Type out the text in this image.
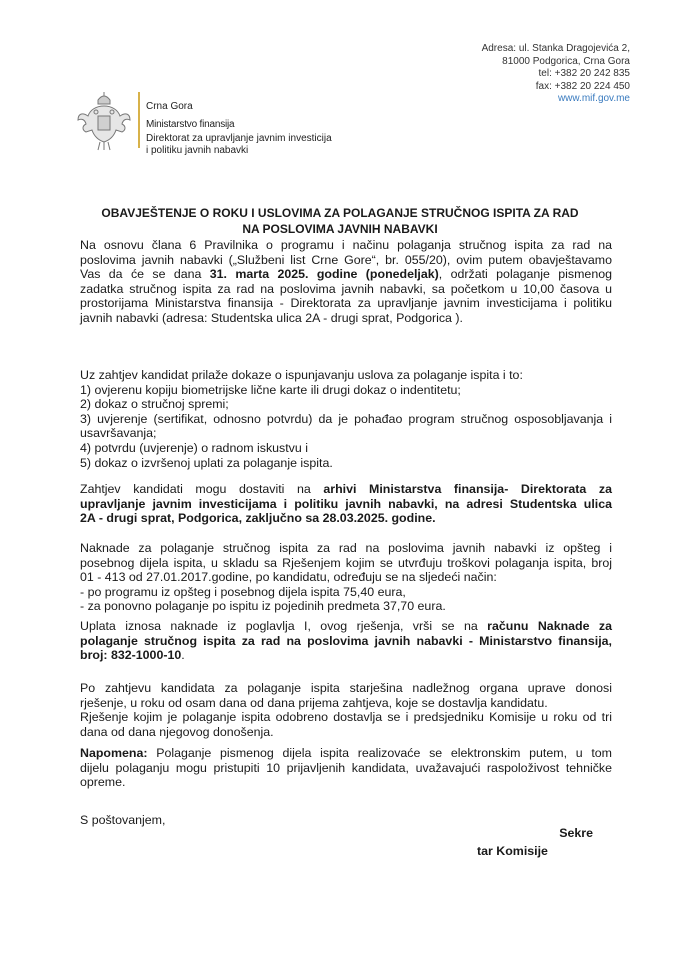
Adresa: ul. Stanka Dragojevića 2,
81000 Podgorica, Crna Gora
tel: +382 20 242 835
fax: +382 20 224 450
www.mif.gov.me
Crna Gora
Ministarstvo finansija
Direktorat za upravljanje javnim investicija
i politiku javnih nabavki
OBAVJEŠTENJE O ROKU I USLOVIMA ZA POLAGANJE STRUČNOG ISPITA ZA RAD
NA POSLOVIMA JAVNIH NABAVKI
Na osnovu člana 6 Pravilnika o programu i načinu polaganja stručnog ispita za rad na
poslovima javnih nabavki („Službeni list Crne Gore“, br. 055/20), ovim putem obavještavamo
Vas da će se dana 31. marta 2025. godine (ponedeljak), održati polaganje pismenog
zadatka stručnog ispita za rad na poslovima javnih nabavki, sa početkom u 10,00 časova u
prostorijama Ministarstva finansija - Direktorata za upravljanje javnim investicijama i politiku
javnih nabavki (adresa: Studentska ulica 2A - drugi sprat, Podgorica ).
Uz zahtjev kandidat prilaže dokaze o ispunjavanju uslova za polaganje ispita i to:
1) ovjerenu kopiju biometrijske lične karte ili drugi dokaz o indentitetu;
2) dokaz o stručnoj spremi;
3) uvjerenje (sertifikat, odnosno potvrdu) da je pohađao program stručnog osposobljavanja i
usavršavanja;
4) potvrdu (uvjerenje) o radnom iskustvu i
5) dokaz o izvršenoj uplati za polaganje ispita.
Zahtjev kandidati mogu dostaviti na arhivi Ministarstva finansija- Direktorata za
upravljanje javnim investicijama i politiku javnih nabavki, na adresi Studentska ulica
2A - drugi sprat, Podgorica, zaključno sa 28.03.2025. godine.
Naknade za polaganje stručnog ispita za rad na poslovima javnih nabavki iz opšteg i
posebnog dijela ispita, u skladu sa Rješenjem kojim se utvrđuju troškovi polaganja ispita, broj
01 - 413 od 27.01.2017.godine, po kandidatu, određuju se na sljedeći način:
- po programu iz opšteg i posebnog dijela ispita 75,40 eura,
- za ponovno polaganje po ispitu iz pojedinih predmeta 37,70 eura.
Uplata iznosa naknade iz poglavlja I, ovog rješenja, vrši se na računu Naknade za
polaganje stručnog ispita za rad na poslovima javnih nabavki - Ministarstvo finansija,
broj: 832-1000-10.
Po zahtjevu kandidata za polaganje ispita starješina nadležnog organa uprave donosi
rješenje, u roku od osam dana od dana prijema zahtjeva, koje se dostavlja kandidatu.
Rješenje kojim je polaganje ispita odobreno dostavlja se i predsjedniku Komisije u roku od tri
dana od dana njegovog donošenja.
Napomena: Polaganje pismenog dijela ispita realizovaće se elektronskim putem, u tom
dijelu polaganju mogu pristupiti 10 prijavljenih kandidata, uvažavajući raspoloživost tehničke
opreme.
S poštovanjem,
Sekre
tar Komisije
